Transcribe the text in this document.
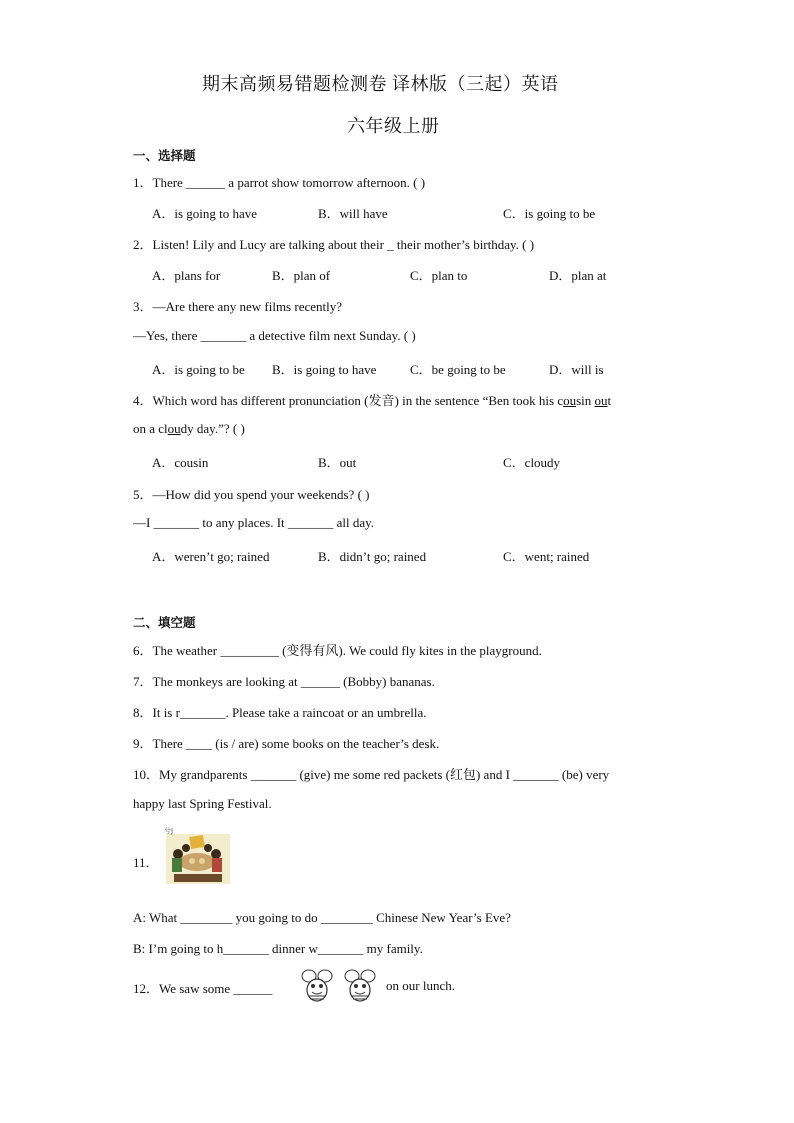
期末高频易错题检测卷 译林版（三起）英语
六年级上册
一、选择题
1．There ______ a parrot show tomorrow afternoon. ( )
A．is going to have	B．will have	C．is going to be
2．Listen! Lily and Lucy are talking about their _ their mother’s birthday. ( )
A．plans for	B．plan of	C．plan to	D．plan at
3．—Are there any new films recently?
—Yes, there _______ a detective film next Sunday. ( )
A．is going to be B．is going to have	C．be going to be	D．will is
4．Which word has different pronunciation (发音) in the sentence “Ben took his cousin out
on a cloudy day.”? ( )
A．cousin	B．out	C．cloudy
5．—How did you spend your weekends? ( )
—I _______ to any places. It _______ all day.
A．weren’t go; rained	B．didn’t go; rained	C．went; rained
二、填空题
6．The weather _________ (变得有风). We could fly kites in the playground.
7．The monkeys are looking at ______ (Bobby) bananas.
8．It is r_______. Please take a raincoat or an umbrella.
9．There ____ (is / are) some books on the teacher’s desk.
10．My grandparents _______ (give) me some red packets (红包) and I _______ (be) very
happy last Spring Festival.
11．
兮J
A: What ________ you going to do ________ Chinese New Year’s Eve?
B: I’m going to h_______ dinner w_______ my family.
12．We saw some ______	on our lunch.
